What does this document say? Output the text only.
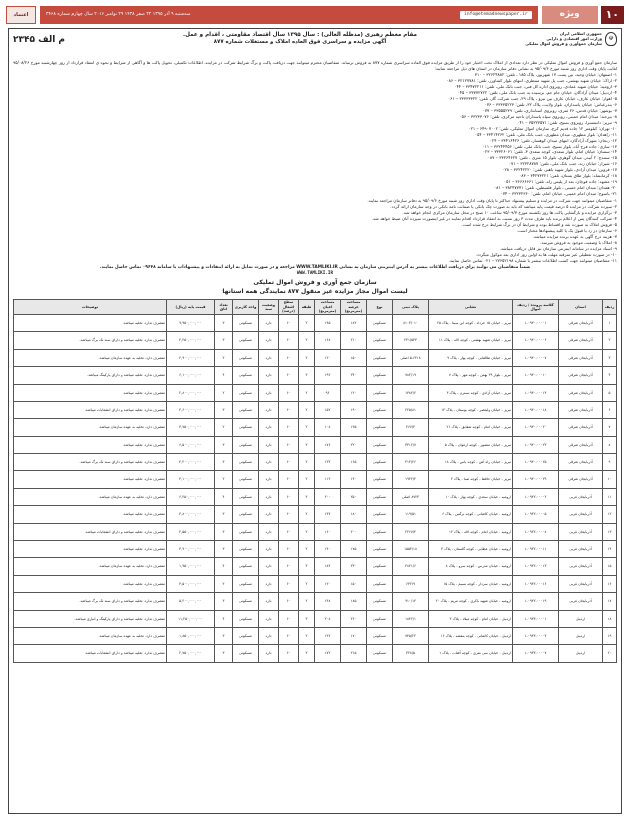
۱۰
ویژه
info@etemadnewspaper.ir
سه‌شنبه ۹ آذر ۱۳۹۵ ۲۲ صفر ۱۴۳۸ ۲۹ نوامبر ۲۰۱۶ سال چهارم شماره ۳۴۶۸
اعتماد
☫
جمهوری اسلامی ایران
وزارت امور اقتصادی و دارایی
سازمان جمع‌آوری و فروش اموال تملیکی
مقام معظم رهبری (مدظله العالی) : سال ۱۳۹۵ سال اقتصاد مقاومتی ، اقدام و عمل.
آگهی مزایده و سراسری فوق العاده املاک و مستغلات شماره ۸۷۷
م الف ۲۳۴۵

سازمان جمع آوری و فروش اموال تملیکی در نظر دارد تعدادی از املاک تحت اختیار خود را از طریق مزایده فوق العاده سراسری شماره ۸۷۷ به فروش برساند. متقاضیان محترم میتوانند جهت دریافت پاکت و برگ شرایط شرکت در مزایده، اطلاعات تکمیلی، تحویل پاکت ها و آگاهی از شرایط و نحوه ی انعقاد قرارداد از روز چهارشنبه مورخ ۹۵/۰۸/۲۶ لغایت پایان وقت اداری روز شنبه مورخ ۹۵/۰۹/۶ به نشانی دفاتر سازمان در استان های ذیل مراجعه نمایند:

۱- اصفهان: خیابان وحید، بین پست ۱۷ شهریور، پلاک ۱۸۵ ، تلفن: ۳۲۶۲۴۸۸۲ – ۳۱۰
۲- اراک: خیابان شهید بهشتی، جنب پل شهید منتظری، انتهای بلوار کشاورز، تلفن: ۳۲۱۲۷۷۸۱ – ۰۸۶
۳- ارومیه: خیابان شهید عمادی، روبروی اداره کل فنی، جنب بانک ملی، تلفن: ۳۳۴۷۲۲۱۱ – ۰۴۴
۴- اردبیل: میدان آزادگان، خیابان جام جم، نرسیده به جنب بانک ملی، تلفن: ۳۳۷۷۲۷۲۲ – ۰۴۵
۵- اهواز: خیابان عارف، خیابان عارف بین نیرو ، پلاک ۲۹، جنب شرکت گاز، تلفن: ۳۳۳۳۳۳۲۲ – ۰۶۱
۶- بندرعباس: خیابان پاسداران، بلوار ولایت، پلاک ۳۲، تلفن: ۳۳۳۳۵۲۲۳ – ۰۷۶
۷- بوشهر: خیابان قدس، ۲۶ متری، روبروی استانداری، تلفن: ۳۳۵۵۵۲۳۹ – ۰۷۷
۸- بیرجند: میدان امام خمینی، روبروی سپاه پاسداران ناحیه مرکزی، تلفن: ۳۳۲۳۳۰۷۶ – ۰۵۶
۹- تبریز: دانشسرا، روبروی بسیج، تلفن: ۳۵۳۲۳۵۷۱ – ۰۴۱
۱۰- تهران: کیلومتر ۱۲ جاده قدیم کرج، سازمان اموال تملیکی، تلفن: ۶۴۹۰۷۰۰۲ – ۰۲۱
۱۱- زاهدان: بلوار مطهری، میدان مطهری، جنب بانک ملی، تلفن: ۳۳۴۱۴۲۶۲ – ۰۵۴
۱۲- زنجان: شهرک آزادگان، انتهای میدان کوهسار، تلفن: ۳۳۴۱۶۴۲۶ – ۰۲۴
۱۳- ساری: جاده فرح آباد، بلوار بسیج، جنب بانک ملی، تلفن: ۳۳۲۴۴۴۵۶ – ۰۱۱
۱۴- سمنان: خیابان امام، بلوار سعدی، کوچه سعدی ۳، تلفن: ۳۳۳۲۶۰۶۱ – ۰۲۳
۱۵- سنندج: ۲ آبیدر، میدان گوهری، بلوار ۱۵ متری ، تلفن: ۳۳۲۶۴۶۲۷ – ۰۸۷
۱۶- شیراز: خیابان زند، جنب بانک ملی، تلفن: ۳۲۳۲۸۷۸۷ – ۰۷۱
۱۷- قزوین: میدان آزادی، بلوار شهید باهنر، تلفن: ۳۳۲۴۲۲۲۰ – ۰۲۸
۱۸- کرمانشاه: بلوار طاق بستان، تلفن: ۳۴۲۷۳۲۲۱ – ۰۸۳
۱۹- مشهد: جاده قوچان، بعد از پلیس راه، تلفن: ۳۶۶۶۶۶۶۱ – ۰۵۱
۲۰- همدان: میدان امام خمینی ، بلوار فلسطین، تلفن: ۳۸۲۴۷۷۷۱ – ۰۸۱
۲۱- یاسوج: میدان امام خمینی، خیابان امام، تلفن: ۳۳۲۳۲۳۶۰ – ۰۷۴
۱- متقاضیان میتوانند جهت شرکت در مزایده و تسلیم پیشنهاد حداکثر تا پایان وقت اداری روز شنبه مورخ ۹۵/۰۹/۶ به دفاتر سازمان مراجعه نمایند.
۲- سپرده شرکت در مزایده ۵ درصد قیمت پایه میباشد که باید به صورت چک بانکی یا ضمانت نامه بانکی در وجه سازمان ارائه گردد.
۳- برگزاری مزایده و بازگشایی پاکت ها روز یکشنبه مورخ ۹۵/۰۹/۷ ساعت ۱۰ صبح در محل سازمان مرکزی انجام خواهد شد.
۴- شرکت کنندگان پس از اعلام برنده باید ظرف مدت ۳ روز نسبت به انعقاد قرارداد اقدام نمایند در غیر اینصورت سپرده آنان ضبط خواهد شد.
۵- فروش املاک به صورت نقد و اقساط بوده و شرایط آن در برگ شرایط درج شده است.
۶- سازمان در رد یا قبول یک یا کلیه پیشنهادها مختار است.
۷- هزینه درج آگهی به عهده برنده مزایده میباشد.
۸- املاک با وضعیت موجود به فروش میرسد.
۹- اسناد مزایده در سامانه اینترنتی سازمان نیز قابل دریافت میباشد.
۱۰- در صورت تعطیلی غیر مترقبه مهلت ها به اولین روز اداری بعد موکول میگردد.
۱۱- متقاضیان میتوانند جهت کسب اطلاعات بیشتر با شماره ۲۷۶۵۲۱۹۸ – ۰۲۱ تماس حاصل نمایند.
ضمناً متقاضیان می توانند برای دریافت اطلاعات بیشتر به آدرس اینترنتی سازمان به نشانی WWW.TAMLIKI.IR مراجعه و در صورت تمایل به ارائه انتقادات و پیشنهادات با سامانه ۰۹۶۴۸ تماس حاصل نمایند.
WWW.TAMLIKI.IR
سازمان جمع آوری و فروش اموال تملیکی
لیست اموال مجاز مزایده غیر منقول ۸۷۷ نمایندگی همه استانها
ردیف	استان	کلاسه پرونده / ردیف اموال	نشانی	پلاک ثبتی	نوع	مساحت عرصه (مترمربع)	مساحت اعیان (مترمربع)	طبقه	سطح اشغال (درصد)	وضعیت سند	واحد کاربری	تعداد اتاق	قیمت پایه (ریال)	توضیحات
۱	آذربایجان شرقی	۱-۰۹۳۰-۰۰۰۰۱	تبریز - خیابان ۱۵ خرداد - کوچه ابن سینا - پلاک ۲۵	۸۱۰۳/۰۱۰	مسکونی	۱۸۲	۱۴۵	۲	۶۰	دارد	مسکونی	۳	۹,۹۵۰,۰۰۰,۰۰۰	متصرف ندارد. تخلیه میباشد.
۲	آذربایجان شرقی	۱-۰۹۳۰-۰۰۰۰۶	تبریز - خیابان شهید بهشتی - کوچه لاله - پلاک ۱۱	۲۳۱/۵۴۳	مسکونی	۲۱۰	۱۶۸	۲	۶۰	دارد	مسکونی	۳	۴,۲۵۰,۰۰۰,۰۰۰	متصرف ندارد. تخلیه میباشد و دارای سند تک برگ میباشد.
۳	آذربایجان شرقی	۱-۰۹۳۰-۰۰۰۰۷	تبریز - خیابان طالقانی - کوچه بهار - پلاک ۹	۵-۶۲۱۸ اصلی	مسکونی	۱۵۰	۱۲۰	۲	۶۰	دارد	مسکونی	۲	۲,۹۰۰,۰۰۰,۰۰۰	متصرف دارد. تخلیه به عهده سازمان میباشد.
۴	آذربایجان شرقی	۱-۰۹۳۰-۰۰۰۱۰	تبریز - بلوار ۲۹ بهمن - کوچه مهر - پلاک ۷	۷۸۲/۱۹	مسکونی	۲۴۰	۱۹۲	۳	۶۰	دارد	مسکونی	۴	۶,۱۰۰,۰۰۰,۰۰۰	متصرف ندارد. تخلیه میباشد و دارای پارکینگ میباشد.
۵	آذربایجان شرقی	۱-۰۹۳۰-۰۰۰۱۴	تبریز - خیابان آزادی - کوچه نسترن - پلاک ۳	۱۳۸۴/۲	مسکونی	۱۲۰	۹۶	۲	۶۰	دارد	مسکونی	۲	۲,۸۰۰,۰۰۰,۰۰۰	متصرف ندارد. تخلیه میباشد.
۶	آذربایجان شرقی	۱-۰۹۳۰-۰۰۰۱۸	تبریز - خیابان ولیعصر - کوچه بوستان - پلاک ۱۴	۲۲۵/۸۱	مسکونی	۱۹۰	۱۵۲	۲	۶۰	دارد	مسکونی	۳	۴,۶۰۰,۰۰۰,۰۰۰	متصرف ندارد. تخلیه میباشد و دارای انشعابات میباشد.
۷	آذربایجان شرقی	۱-۰۹۳۰-۰۰۰۲۰	تبریز - خیابان امام - کوچه شقایق - پلاک ۲۱	۴۶۷/۳	مسکونی	۱۳۵	۱۰۸	۲	۶۰	دارد	مسکونی	۲	۳,۷۵۰,۰۰۰,۰۰۰	متصرف دارد. تخلیه به عهده سازمان میباشد.
۸	آذربایجان شرقی	۱-۰۹۳۰-۰۰۰۲۳	تبریز - خیابان منصور - کوچه ارغوان - پلاک ۵	۳۳۱۲/۷	مسکونی	۲۲۰	۱۷۶	۳	۶۰	دارد	مسکونی	۳	۶,۵۰۰,۰۰۰,۰۰۰	متصرف ندارد. تخلیه میباشد.
۹	آذربایجان شرقی	۱-۰۹۳۰-۰۰۰۲۵	تبریز - خیابان راه آهن - کوچه یاس - پلاک ۱۸	۴۱۴/۲۶	مسکونی	۱۶۵	۱۳۲	۲	۶۰	دارد	مسکونی	۳	۴,۲۰۰,۰۰۰,۰۰۰	متصرف ندارد. تخلیه میباشد و دارای سند تک برگ میباشد.
۱۰	آذربایجان شرقی	۱-۰۹۳۰-۰۰۰۲۹	تبریز - خیابان حافظ - کوچه صبا - پلاک ۲	۱۹۴۲/۴	مسکونی	۱۴۰	۱۱۲	۲	۶۰	دارد	مسکونی	۲	۳,۱۰۰,۰۰۰,۰۰۰	متصرف ندارد. تخلیه میباشد.
۱۱	آذربایجان غربی	۱-۰۹۳۲-۰۰۰۰۲	ارومیه - خیابان سعدی - کوچه بهار - پلاک ۱۰	۸۷۲۳ اصلی	مسکونی	۲۵۰	۲۰۰	۳	۶۰	دارد	مسکونی	۴	۶,۲۵۰,۰۰۰,۰۰۰	متصرف دارد. تخلیه به عهده سازمان میباشد.
۱۲	آذربایجان غربی	۱-۰۹۳۲-۰۰۰۰۵	ارومیه - خیابان کاشانی - کوچه نرگس - پلاک ۶	۱۱۹/۵۱	مسکونی	۱۸۰	۱۴۴	۲	۶۰	دارد	مسکونی	۳	۴,۸۰۰,۰۰۰,۰۰۰	متصرف ندارد. تخلیه میباشد.
۱۳	آذربایجان غربی	۱-۰۹۳۲-۰۰۰۰۸	ارومیه - خیابان امام - کوچه لاله - پلاک ۱۲	۲۲۶۷/۴	مسکونی	۲۰۰	۱۶۰	۲	۶۰	دارد	مسکونی	۳	۴,۵۵۰,۰۰۰,۰۰۰	متصرف ندارد. تخلیه میباشد و دارای انشعابات میباشد.
۱۴	آذربایجان غربی	۱-۰۹۳۲-۰۰۰۱۱	ارومیه - خیابان عطایی - کوچه گلستان - پلاک ۴	۱۵۵۴/۱۸	مسکونی	۱۷۵	۱۴۰	۲	۶۰	دارد	مسکونی	۳	۳,۹۰۰,۰۰۰,۰۰۰	متصرف ندارد. تخلیه میباشد.
۱۵	آذربایجان غربی	۱-۰۹۳۲-۰۰۰۱۳	ارومیه - خیابان مدرس - کوچه سرو - پلاک ۸	۴۸۲۱/۶	مسکونی	۲۳۰	۱۸۴	۳	۶۰	دارد	مسکونی	۴	۱,۹۵۰,۰۰۰,۰۰۰	متصرف دارد. تخلیه به عهده سازمان میباشد.
۱۶	آذربایجان غربی	۱-۰۹۳۲-۰۰۰۱۶	ارومیه - خیابان سردار - کوچه نسیم - پلاک ۱۵	۶۳۲/۹	مسکونی	۱۵۰	۱۲۰	۲	۶۰	دارد	مسکونی	۲	۳,۵۰۰,۰۰۰,۰۰۰	متصرف ندارد. تخلیه میباشد.
۱۷	آذربایجان غربی	۱-۰۹۳۲-۰۰۰۱۹	ارومیه - خیابان شهید باکری - کوچه مریم - پلاک ۲۰	۹۱۰/۱۴	مسکونی	۱۸۵	۱۴۸	۲	۶۰	دارد	مسکونی	۳	۵,۲۰۰,۰۰۰,۰۰۰	متصرف ندارد. تخلیه میباشد و دارای سند تک برگ میباشد.
۱۸	اردبیل	۱-۰۹۳۳-۰۰۰۰۱	اردبیل - خیابان امام - کوچه میلاد - پلاک ۳	۱۸۴۲/۱	مسکونی	۲۶۰	۲۰۸	۳	۶۰	دارد	مسکونی	۴	۱۱,۲۵۰,۰۰۰,۰۰۰	متصرف ندارد. تخلیه میباشد و دارای پارکینگ و انباری میباشد.
۱۹	اردبیل	۱-۰۹۳۳-۰۰۰۰۴	اردبیل - خیابان کاشانی - کوچه بنفشه - پلاک ۱۶	۷۴۵/۲۲	مسکونی	۱۷۰	۱۳۶	۲	۶۰	دارد	مسکونی	۳	۱,۸۵۰,۰۰۰,۰۰۰	متصرف دارد. تخلیه به عهده سازمان میباشد.
۲۰	اردبیل	۱-۰۹۳۳-۰۰۰۰۷	اردبیل - خیابان سی متری - کوچه آفتاب - پلاک ۱	۳۲۸/۵	مسکونی	۲۱۵	۱۷۲	۳	۶۰	دارد	مسکونی	۳	۲,۷۵۰,۰۰۰,۰۰۰	متصرف ندارد. تخلیه میباشد و دارای انشعابات میباشد.
